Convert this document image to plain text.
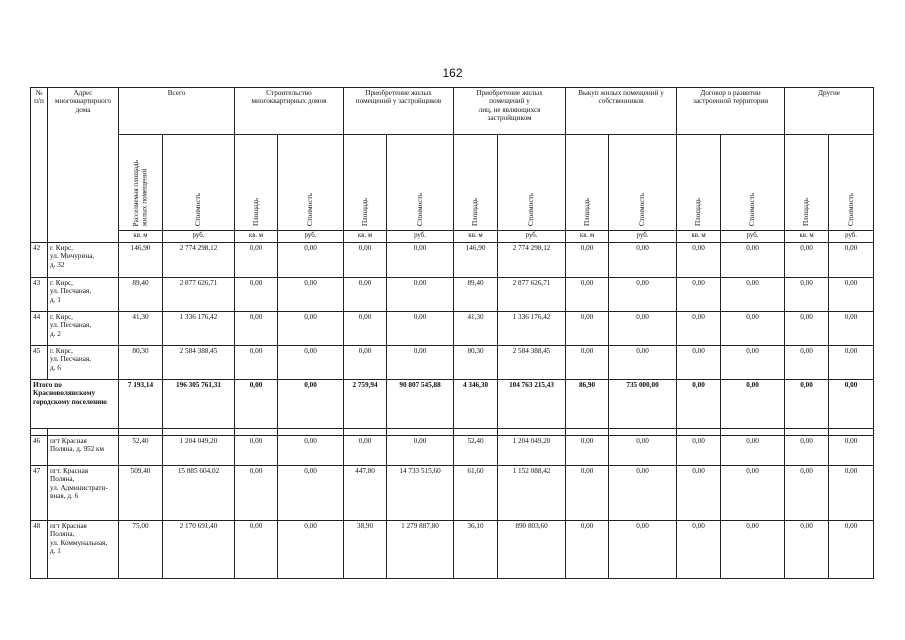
162
№
п/п	Адрес
многоквартирного
дома	Всего		Строительство
многоквартирных домов		Приобретение жилых
помещений у застройщиков		Приобретение жилых
помещений у
лиц, не являющихся
застройщиком		Выкуп жилых помещений у
собственников		Договор о развитии
застроенной территории		Другие	

		Расселяемая площадь
жилых помещений	Стоимость	Площадь	Стоимость	Площадь	Стоимость	Площадь	Стоимость	Площадь	Стоимость	Площадь	Стоимость	Площадь	Стоимость

		кв. м	руб.	кв. м	руб.	кв. м	руб.	кв. м	руб.	кв. м	руб.	кв. м	руб.	кв. м	руб.
42	г. Кирс,
ул. Мичурина,
д. 32	146,90	2 774 298,12	0,00	0,00	0,00	0,00	146,90	2 774 298,12	0,00	0,00	0,00	0,00	0,00	0,00
43	г. Кирс,
ул. Песчаная,
д. 1	89,40	2 877 626,71	0,00	0,00	0,00	0,00	89,40	2 877 626,71	0,00	0,00	0,00	0,00	0,00	0,00
44	г. Кирс,
ул. Песчаная,
д. 2	41,30	1 336 176,42	0,00	0,00	0,00	0,00	41,30	1 336 176,42	0,00	0,00	0,00	0,00	0,00	0,00
45	г. Кирс,
ул. Песчаная,
д. 6	80,30	2 584 388,45	0,00	0,00	0,00	0,00	80,30	2 584 388,45	0,00	0,00	0,00	0,00	0,00	0,00
Итого по
Красноволянскому
городскому поселению		7 193,14	196 305 761,31	0,00	0,00	2 759,94	90 807 545,88	4 346,30	104 763 215,43	86,90	735 000,00	0,00	0,00	0,00	0,00

46	пгт Красная
Поляна, д. 952 км	52,40	1 204 049,20	0,00	0,00	0,00	0,00	52,40	1 204 049,20	0,00	0,00	0,00	0,00	0,00	0,00
47	пгт. Красная
Поляна,
ул. Администрати-
вная, д. 6	509,40	15 885 604,02	0,00	0,00	447,80	14 733 515,60	61,60	1 152 088,42	0,00	0,00	0,00	0,00	0,00	0,00
48	пгт Красная
Поляна,
ул. Коммунальная,
д. 1	75,00	2 170 691,40	0,00	0,00	38,90	1 279 887,80	36,10	890 803,60	0,00	0,00	0,00	0,00	0,00	0,00
